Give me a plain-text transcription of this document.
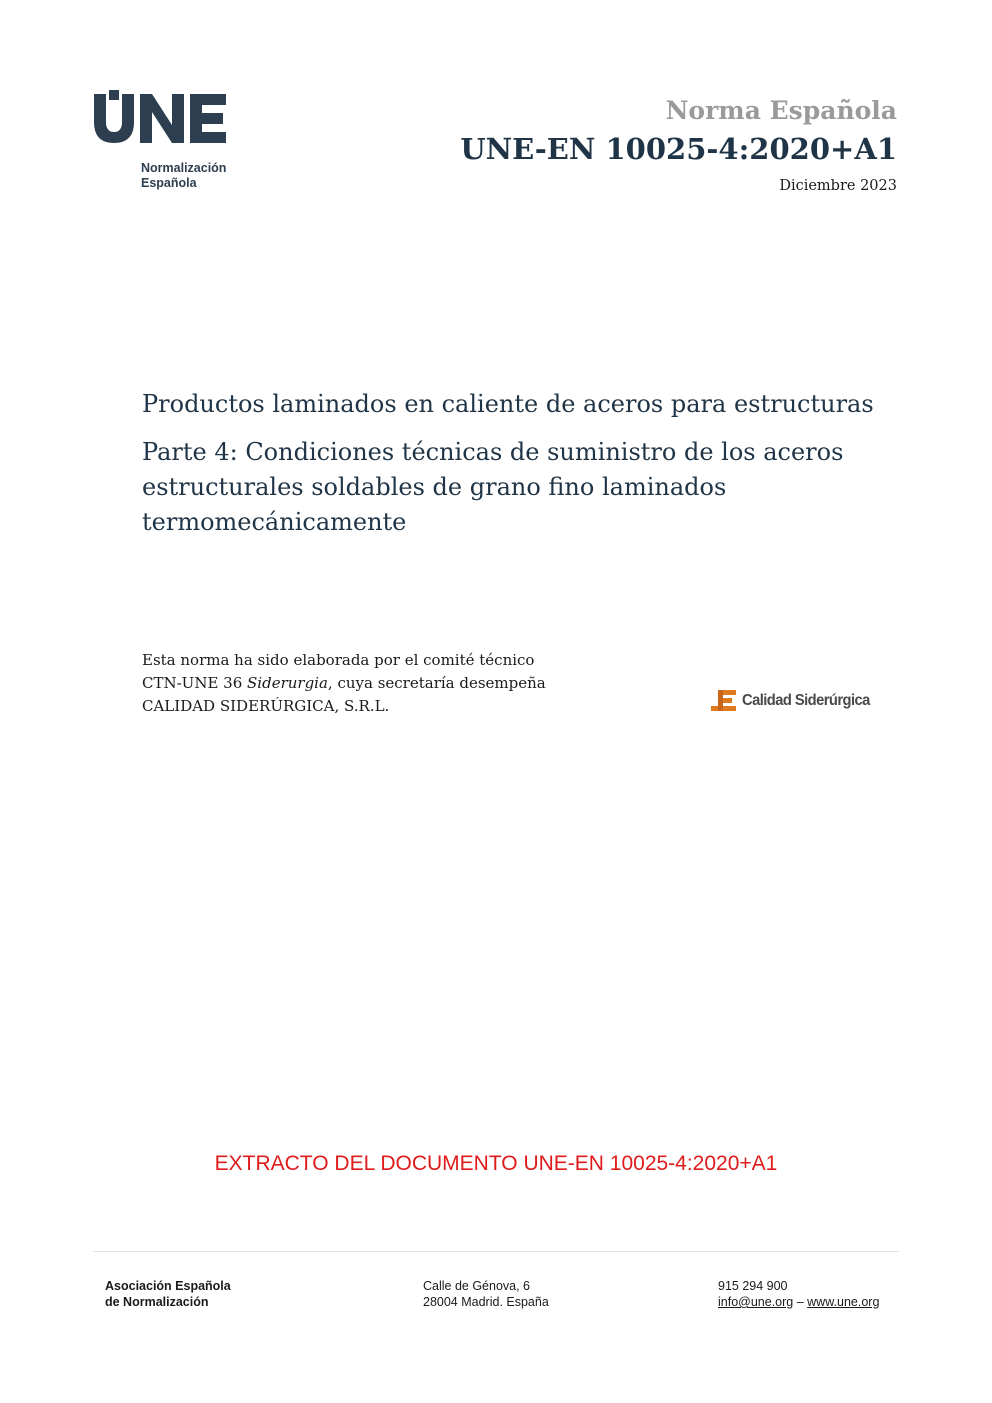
Normalización
Española
Norma Española
UNE-EN 10025-4:2020+A1
Diciembre 2023

Productos laminados en caliente de aceros para estructuras

Parte 4: Condiciones técnicas de suministro de los aceros estructurales soldables de grano fino laminados termomecánicamente

Esta norma ha sido elaborada por el comité técnico

CTN-UNE 36 Siderurgia, cuya secretaría desempeña

CALIDAD SIDERÚRGICA, S.R.L.	Calidad Siderúrgica
EXTRACTO DEL DOCUMENTO UNE-EN 10025-4:2020+A1

Asociación Española

de Normalización

Calle de Génova, 6

28004 Madrid. España

915 294 900

info@une.org – www.une.org
